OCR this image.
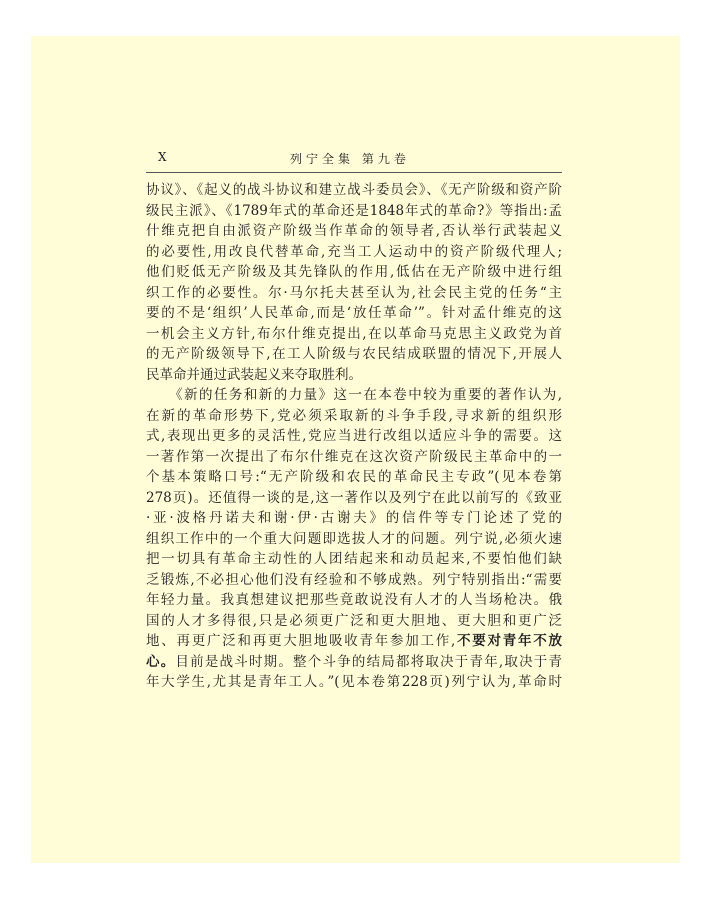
X	列宁全集 第九卷
协议》、《起义的战斗协议和建立战斗委员会》、《无产阶级和资产阶
级民主派》、《1789年式的革命还是1848年式的革命?》等指出:孟
什维克把自由派资产阶级当作革命的领导者,否认举行武装起义
的必要性,用改良代替革命,充当工人运动中的资产阶级代理人;
他们贬低无产阶级及其先锋队的作用,低估在无产阶级中进行组
织工作的必要性。尔·马尔托夫甚至认为,社会民主党的任务“主
要的不是‘组织’人民革命,而是‘放任革命’”。针对孟什维克的这
一机会主义方针,布尔什维克提出,在以革命马克思主义政党为首
的无产阶级领导下,在工人阶级与农民结成联盟的情况下,开展人
民革命并通过武装起义来夺取胜利。
　　《新的任务和新的力量》这一在本卷中较为重要的著作认为,
在新的革命形势下,党必须采取新的斗争手段,寻求新的组织形
式,表现出更多的灵活性,党应当进行改组以适应斗争的需要。这
一著作第一次提出了布尔什维克在这次资产阶级民主革命中的一
个基本策略口号:“无产阶级和农民的革命民主专政”(见本卷第
278页)。还值得一谈的是,这一著作以及列宁在此以前写的《致亚
·亚·波格丹诺夫和谢·伊·古谢夫》的信件等专门论述了党的
组织工作中的一个重大问题即选拔人才的问题。列宁说,必须火速
把一切具有革命主动性的人团结起来和动员起来,不要怕他们缺
乏锻炼,不必担心他们没有经验和不够成熟。列宁特别指出:“需要
年轻力量。我真想建议把那些竟敢说没有人才的人当场枪决。俄
国的人才多得很,只是必须更广泛和更大胆地、更大胆和更广泛
地、再更广泛和再更大胆地吸收青年参加工作,不要对青年不放
心。目前是战斗时期。整个斗争的结局都将取决于青年,取决于青
年大学生,尤其是青年工人。”(见本卷第228页)列宁认为,革命时
